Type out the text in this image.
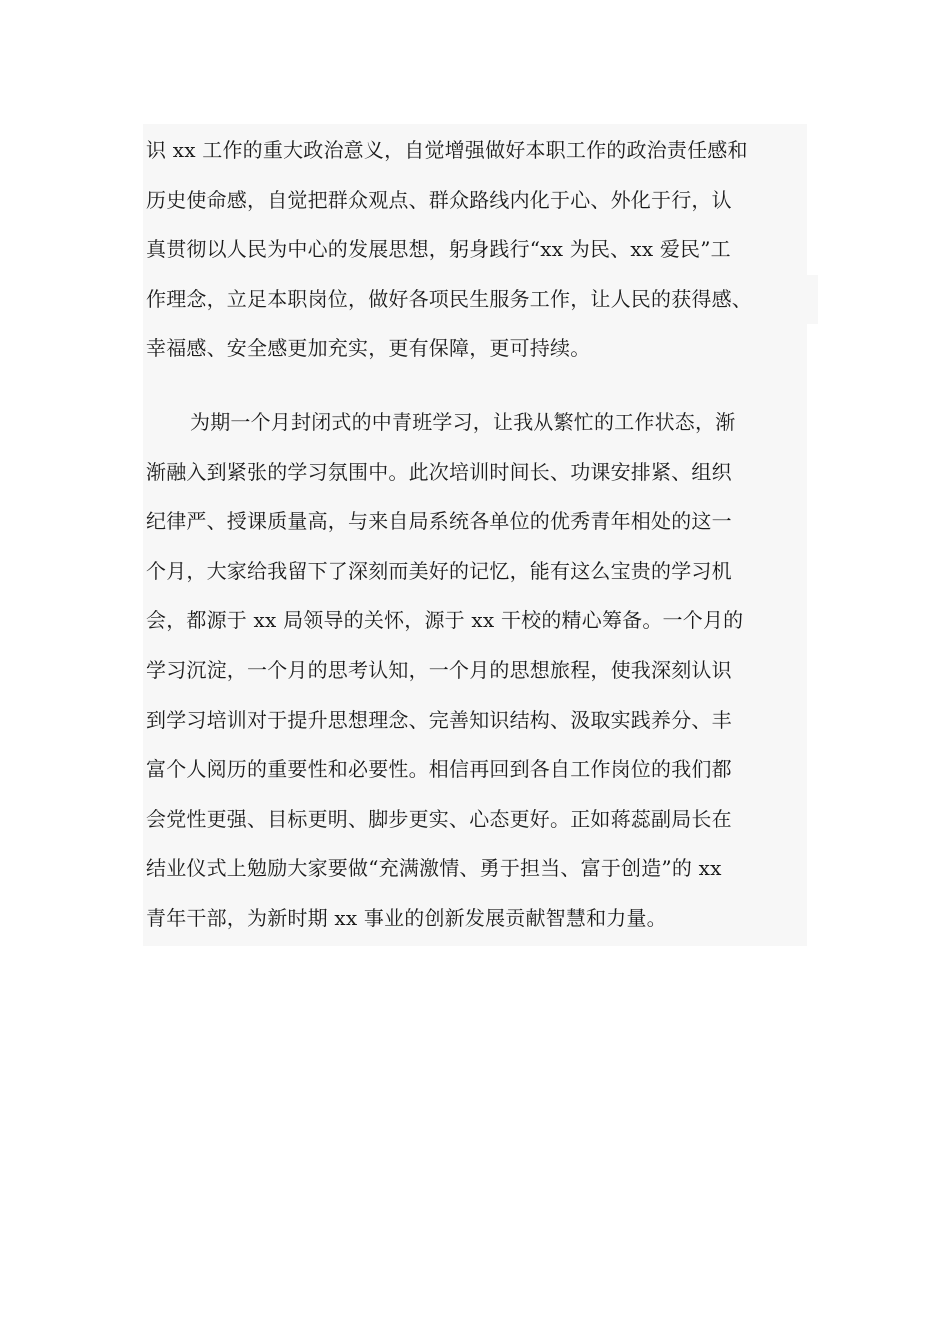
识 xx 工作的重大政治意义，自觉增强做好本职工作的政治责任感和
历史使命感，自觉把群众观点、群众路线内化于心、外化于行，认
真贯彻以人民为中心的发展思想，躬身践行“xx 为民、xx 爱民”工
作理念，立足本职岗位，做好各项民生服务工作，让人民的获得感、
幸福感、安全感更加充实，更有保障，更可持续。
为期一个月封闭式的中青班学习，让我从繁忙的工作状态，渐
渐融入到紧张的学习氛围中。此次培训时间长、功课安排紧、组织
纪律严、授课质量高，与来自局系统各单位的优秀青年相处的这一
个月，大家给我留下了深刻而美好的记忆，能有这么宝贵的学习机
会，都源于 xx 局领导的关怀，源于 xx 干校的精心筹备。一个月的
学习沉淀，一个月的思考认知，一个月的思想旅程，使我深刻认识
到学习培训对于提升思想理念、完善知识结构、汲取实践养分、丰
富个人阅历的重要性和必要性。相信再回到各自工作岗位的我们都
会党性更强、目标更明、脚步更实、心态更好。正如蒋蕊副局长在
结业仪式上勉励大家要做“充满激情、勇于担当、富于创造”的 xx
青年干部，为新时期 xx 事业的创新发展贡献智慧和力量。
